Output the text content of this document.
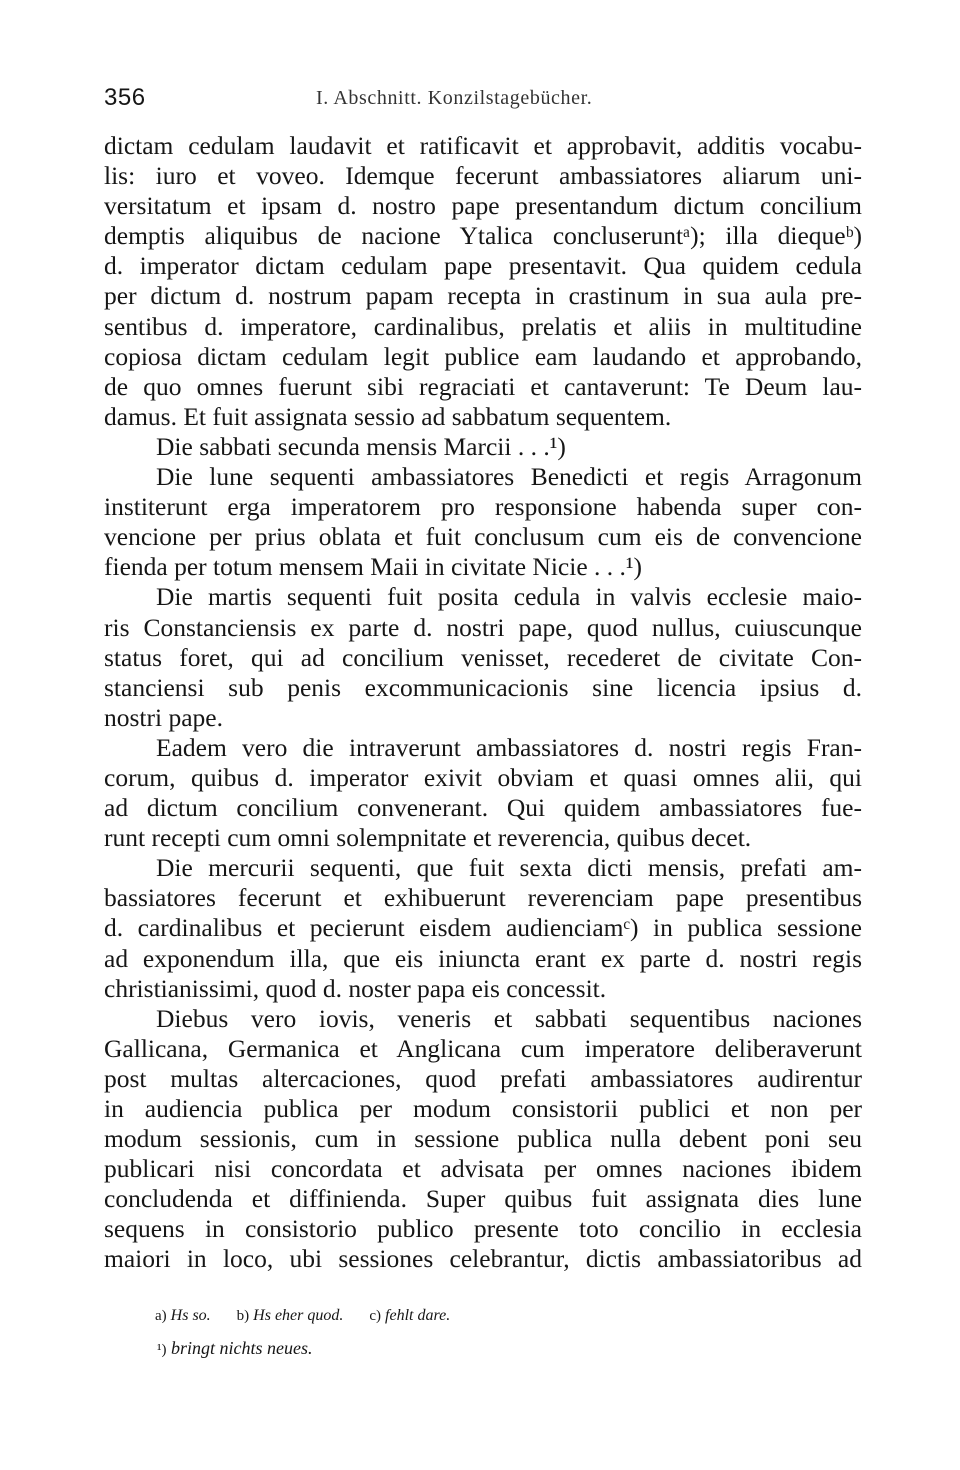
356	I. Abschnitt. Konzilstagebücher.
dictam cedulam laudavit et ratificavit et approbavit, additis vocabu-
lis: iuro et voveo. Idemque fecerunt ambassiatores aliarum uni-
versitatum et ipsam d. nostro pape presentandum dictum concilium
demptis aliquibus de nacione Ytalica concluseruntᵃ); illa diequeᵇ)
d. imperator dictam cedulam pape presentavit. Qua quidem cedula
per dictum d. nostrum papam recepta in crastinum in sua aula pre-
sentibus d. imperatore, cardinalibus, prelatis et aliis in multitudine
copiosa dictam cedulam legit publice eam laudando et approbando,
de quo omnes fuerunt sibi regraciati et cantaverunt: Te Deum lau-
damus. Et fuit assignata sessio ad sabbatum sequentem.
Die sabbati secunda mensis Marcii . . .¹)
Die lune sequenti ambassiatores Benedicti et regis Arragonum
institerunt erga imperatorem pro responsione habenda super con-
vencione per prius oblata et fuit conclusum cum eis de convencione
fienda per totum mensem Maii in civitate Nicie . . .¹)
Die martis sequenti fuit posita cedula in valvis ecclesie maio-
ris Constanciensis ex parte d. nostri pape, quod nullus, cuiuscunque
status foret, qui ad concilium venisset, recederet de civitate Con-
stanciensi sub penis excommunicacionis sine licencia ipsius d.
nostri pape.
Eadem vero die intraverunt ambassiatores d. nostri regis Fran-
corum, quibus d. imperator exivit obviam et quasi omnes alii, qui
ad dictum concilium convenerant. Qui quidem ambassiatores fue-
runt recepti cum omni solempnitate et reverencia, quibus decet.
Die mercurii sequenti, que fuit sexta dicti mensis, prefati am-
bassiatores fecerunt et exhibuerunt reverenciam pape presentibus
d. cardinalibus et pecierunt eisdem audienciamᶜ) in publica sessione
ad exponendum illa, que eis iniuncta erant ex parte d. nostri regis
christianissimi, quod d. noster papa eis concessit.
Diebus vero iovis, veneris et sabbati sequentibus naciones
Gallicana, Germanica et Anglicana cum imperatore deliberaverunt
post multas altercaciones, quod prefati ambassiatores audirentur
in audiencia publica per modum consistorii publici et non per
modum sessionis, cum in sessione publica nulla debent poni seu
publicari nisi concordata et advisata per omnes naciones ibidem
concludenda et diffinienda. Super quibus fuit assignata dies lune
sequens in consistorio publico presente toto concilio in ecclesia
maiori in loco, ubi sessiones celebrantur, dictis ambassiatoribus ad
a) Hs so. b) Hs eher quod. c) fehlt dare.
¹) bringt nichts neues.
